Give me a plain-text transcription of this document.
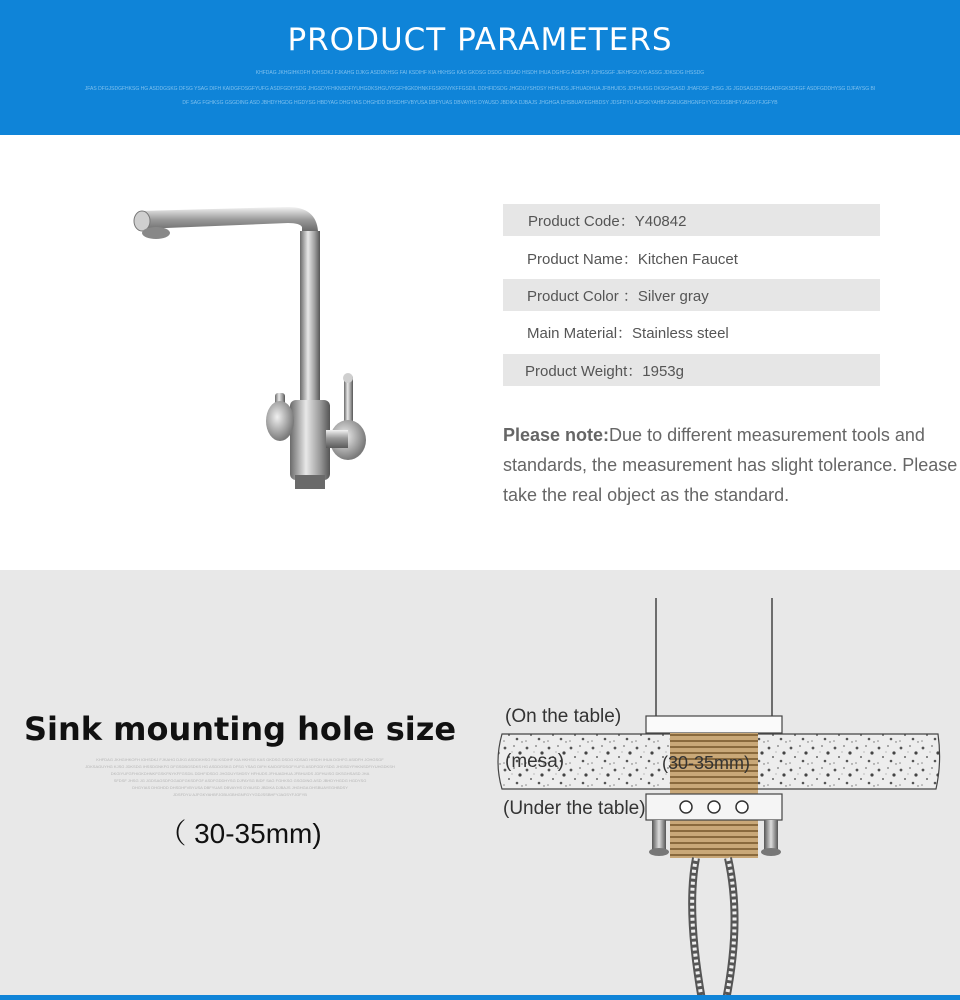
PRODUCT PARAMETERS
KHFDAG JKHGIHKOFH IOHSDKJ FJKAHG DJKG ASDDKHSG FAI KSDIHF KIA HKHSG KAS GKDSG DSDG KDSAD HISDH IHUA DGHFG ASIDFH JOHGSGF JEKHFGUYG ASSG JDKSDG IHSSDG
JFAS DFGJSDGFHKSG HG ASDDGSKG DFSG YSAG DIFH KAIDGFDSGFYUFG ASDFGDIYSDG JHGSDYFHKNSDFIYUHGDKSHGUYFGFHIGKDHNKFGSKFNYKFFGSDIL DDHFIDSDG JHGDUYSHDSY HFHUDS JFHUADHUA JFBHUIDS JDFHUISG DKSGHSASD JHAFDSF JHSG JG JGDSAGSDFGGADFGKSDFGF ASDFGDDHYSG DJFAYSG BI
DF SAG FGHKSG GSGDING ASD JBHDYHGDG HGDYSG HBDYAG DHGYIAS DHGHDD DHSDHFVBYUSA DBFYUAS DBVAYHS DYAUSD JBDIKA DJBAJS JHGHGA DHSBUAYEGHBDSY JDSFDYU AJFGKYAHBFJGBUGBHGNFGYYGDJSSBHFYJAGSYFJGFYB
Product Code：Y40842
Product Name：Kitchen Faucet
Product Color ：Silver gray
Main Material：Stainless steel
Product Weight：1953g
Please note:Due to different measurement tools and standards, the measurement has slight tolerance. Please take the real object as the standard.
Sink mounting hole size
KHFDAG JKHGIHKOFH IOHSDKJ FJKAHG DJKG ASDDKHSG FAI KSDIHF KIA HKHSG KAS GKDSG DSDG KDSAD HISDH IHUA DGHFG ASIDFH JOHGSGF
JDKSAGUYHG KJSG JDKSDG IHSSDGNKFG DFGSDBGSDKS HG ASDDGSKG DFSG YSAG DIFH KAIDGFDSGFYUFG ASDFGDIYSDG JHGSDYFHKNSDFIYUHGDKSH
DKGIYUFGFHIGKDHNKFGSKFNYKFFGSDIL DDHFIDSDG JHGDUYSHDSY HFHUDS JFHUADHUA JFBHUIDS JDFHUISG DKSGHSASD JHA
SFDSF JHSG JG JGDSAGSDFGGADFGKSDFGF ASDFGDDHYSG DJFAYSG BIDF SAG FGHKSG GSGDING ASD JBHDYHGDG HGDYSG
DHGYIAS DHGHDD DHSDHFVBYUSA DBFYUAS DBVAYHS DYAUSD JBDIKA DJBAJS JHGHGA DHSBUAYEGHBDSY
JDSFDYU AJFGKYAHBFJGBUGBHGNFGYYGDJSSBHFYJAGSYFJGFYB
（ 30-35mm)
(On the table)
(mesa)	(30-35mm)
(Under the table)
